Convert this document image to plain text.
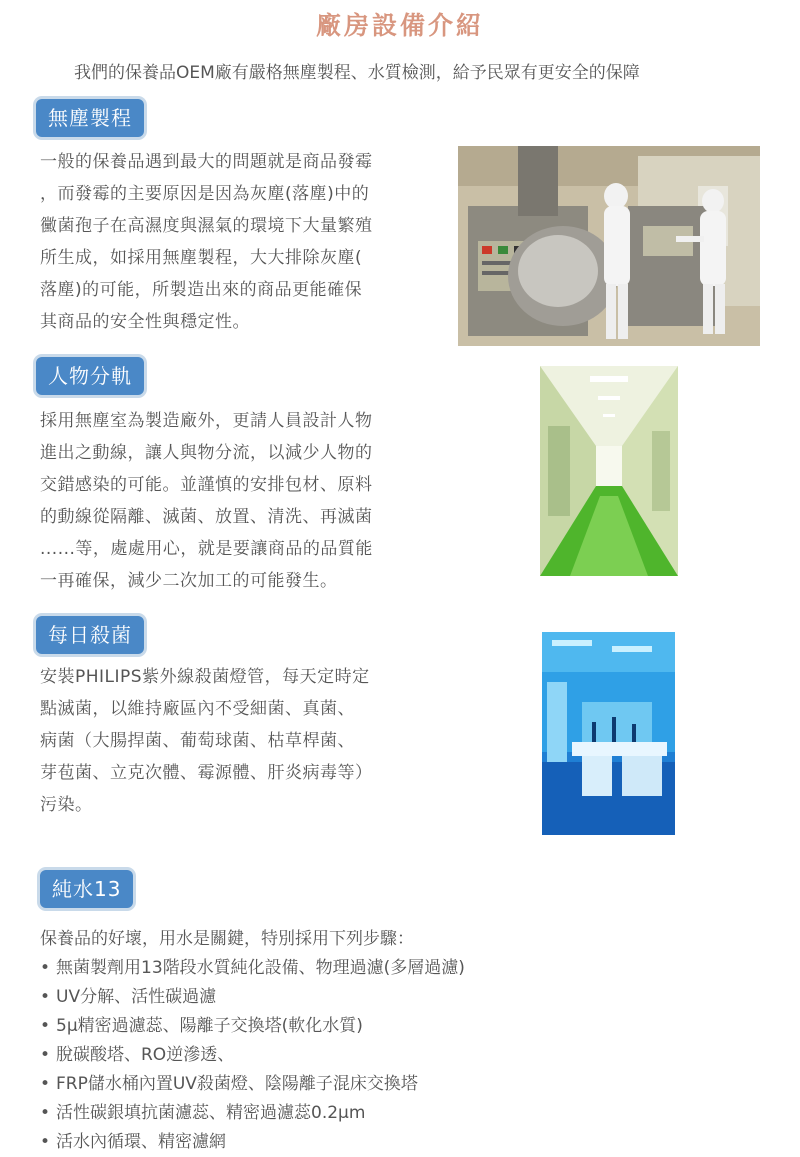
廠房設備介紹
我們的保養品OEM廠有嚴格無塵製程、水質檢測，給予民眾有更安全的保障
無塵製程
一般的保養品遇到最大的問題就是商品發霉
，而發霉的主要原因是因為灰塵(落塵)中的
黴菌孢子在高濕度與濕氣的環境下大量繁殖
所生成，如採用無塵製程，大大排除灰塵(
落塵)的可能，所製造出來的商品更能確保
其商品的安全性與穩定性。
人物分軌
採用無塵室為製造廠外，更請人員設計人物
進出之動線，讓人與物分流，以減少人物的
交錯感染的可能。並謹慎的安排包材、原料
的動線從隔離、滅菌、放置、清洗、再滅菌
......等，處處用心，就是要讓商品的品質能
一再確保，減少二次加工的可能發生。
每日殺菌
安裝PHILIPS紫外線殺菌燈管，每天定時定
點滅菌，以維持廠區內不受細菌、真菌、
病菌（大腸捍菌、葡萄球菌、枯草桿菌、
芽苞菌、立克次體、霉源體、肝炎病毒等）
污染。
純水13
保養品的好壞，用水是關鍵，特別採用下列步驟：
• 無菌製劑用13階段水質純化設備、物理過濾(多層過濾)
• UV分解、活性碳過濾
• 5μ精密過濾蕊、陽離子交換塔(軟化水質)
• 脫碳酸塔、RO逆滲透、
• FRP儲水桶內置UV殺菌燈、陰陽離子混床交換塔
• 活性碳銀填抗菌濾蕊、精密過濾蕊0.2μm
• 活水內循環、精密濾網
